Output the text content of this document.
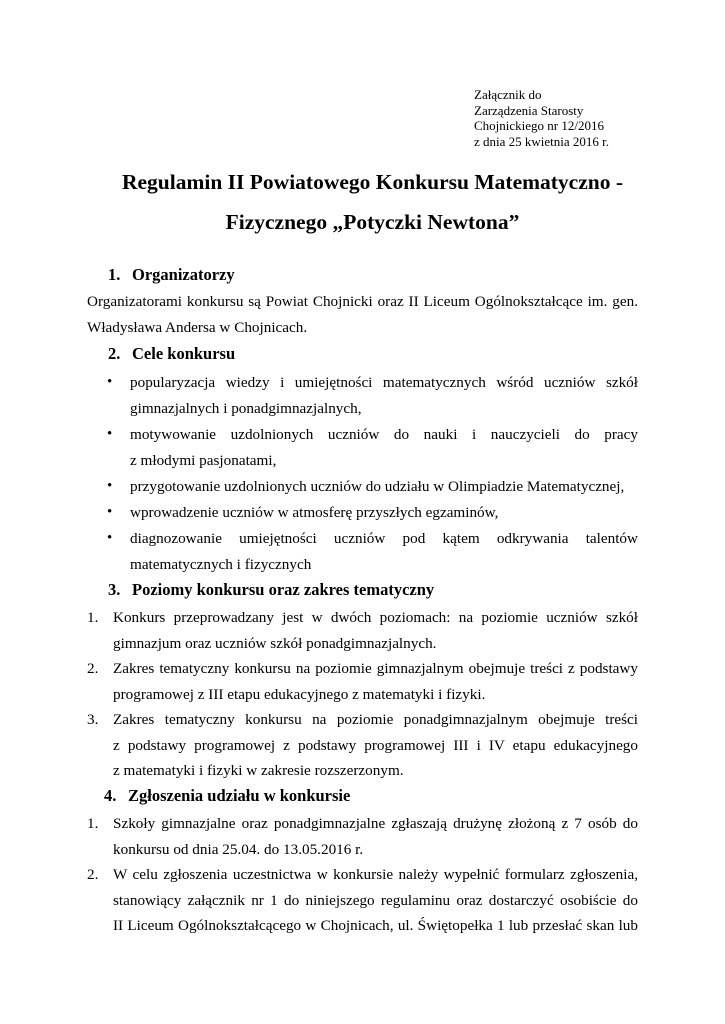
Załącznik do
Zarządzenia Starosty
Chojnickiego nr 12/2016
z dnia 25 kwietnia 2016 r.
Regulamin II Powiatowego Konkursu Matematyczno -
Fizycznego „Potyczki Newtona”
1. Organizatorzy
Organizatorami konkursu są Powiat Chojnicki oraz II Liceum Ogólnokształcące im. gen.
Władysława Andersa w Chojnicach.
2. Cele konkursu
•	popularyzacja wiedzy i umiejętności matematycznych wśród uczniów szkół
gimnazjalnych i ponadgimnazjalnych,
•	motywowanie uzdolnionych uczniów do nauki i nauczycieli do pracy
z młodymi pasjonatami,
•	przygotowanie uzdolnionych uczniów do udziału w Olimpiadzie Matematycznej,
•	wprowadzenie uczniów w atmosferę przyszłych egzaminów,
•	diagnozowanie umiejętności uczniów pod kątem odkrywania talentów
matematycznych i fizycznych
3. Poziomy konkursu oraz zakres tematyczny
1. Konkurs przeprowadzany jest w dwóch poziomach: na poziomie uczniów szkół
gimnazjum oraz uczniów szkół ponadgimnazjalnych.
2. Zakres tematyczny konkursu na poziomie gimnazjalnym obejmuje treści z podstawy
programowej z III etapu edukacyjnego z matematyki i fizyki.
3. Zakres tematyczny konkursu na poziomie ponadgimnazjalnym obejmuje treści
z podstawy programowej z podstawy programowej III i IV etapu edukacyjnego
z matematyki i fizyki w zakresie rozszerzonym.
4. Zgłoszenia udziału w konkursie
1. Szkoły gimnazjalne oraz ponadgimnazjalne zgłaszają drużynę złożoną z 7 osób do
konkursu od dnia 25.04. do 13.05.2016 r.
2. W celu zgłoszenia uczestnictwa w konkursie należy wypełnić formularz zgłoszenia,
stanowiący załącznik nr 1 do niniejszego regulaminu oraz dostarczyć osobiście do
II Liceum Ogólnokształcącego w Chojnicach, ul. Świętopełka 1 lub przesłać skan lub
